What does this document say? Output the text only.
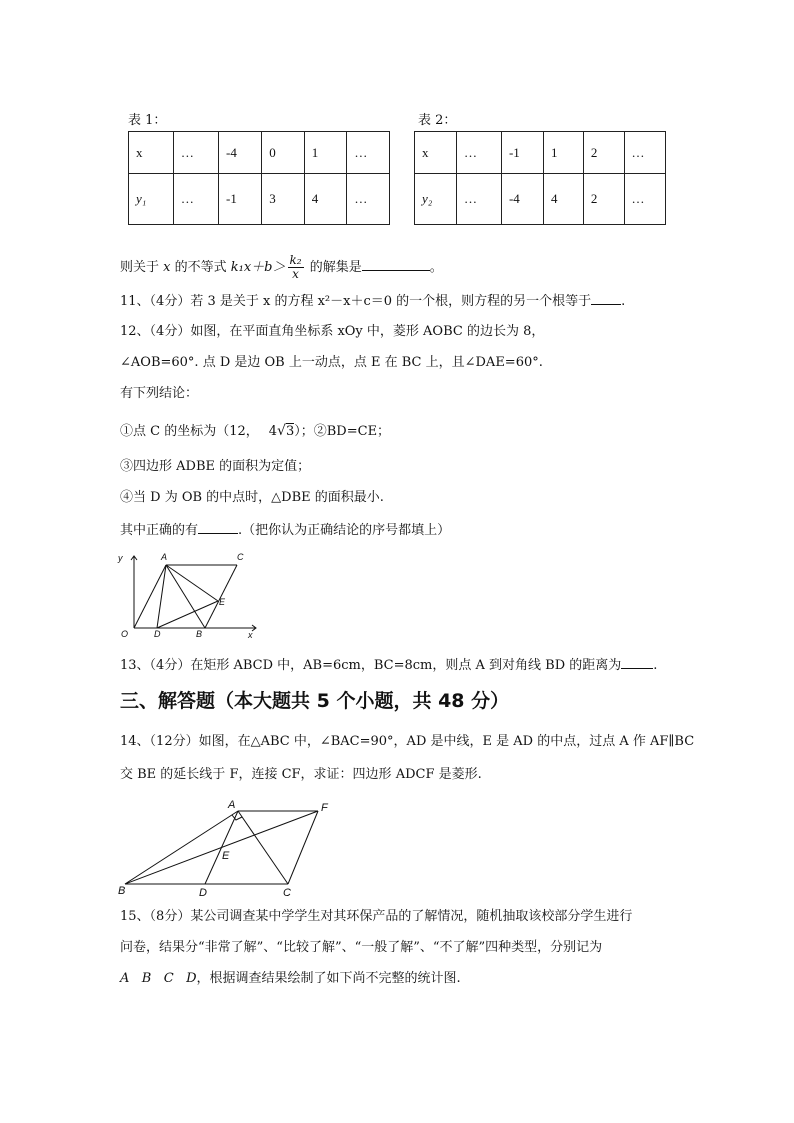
表 1：	表 2：
x	…	-4	0	1	…
y₁	…	-1	3	4	…
x	…	-1	1	2	…
y₂	…	-4	4	2	…
则关于 x 的不等式 $k_1x+b> \frac{\text{k₂}}{x}$ 的解集是	。
11、（4分）若 3 是关于 x 的方程 x²－x＋c＝0 的一个根，则方程的另一个根等于 .
12、（4分）如图，在平面直角坐标系 xOy 中，菱形 AOBC 的边长为 8，
∠AOB=60°. 点 D 是边 OB 上一动点，点 E 在 BC 上，且∠DAE=60°.
有下列结论：
①点 C 的坐标为（12， 4√3）；②BD=CE；
③四边形 ADBE 的面积为定值；
④当 D 为 OB 的中点时，△DBE 的面积最小.
其中正确的有	.（把你认为正确结论的序号都填上）
y
x
O
A	C
D	B
E
13、（4分）在矩形 ABCD 中，AB=6cm，BC=8cm，则点 A 到对角线 BD 的距离为 .
三、解答题（本大题共 5 个小题，共 48 分）
14、（12分）如图，在△ABC 中，∠BAC=90°，AD 是中线，E 是 AD 的中点，过点 A 作 AF∥BC
交 BE 的延长线于 F，连接 CF，求证：四边形 ADCF 是菱形.
A	F
E
B	D	C
15、（8分）某公司调查某中学学生对其环保产品的了解情况，随机抽取该校部分学生进行
问卷，结果分“非常了解”、“比较了解”、“一般了解”、“不了解”四种类型，分别记为
A   B   C   D，根据调查结果绘制了如下尚不完整的统计图.
